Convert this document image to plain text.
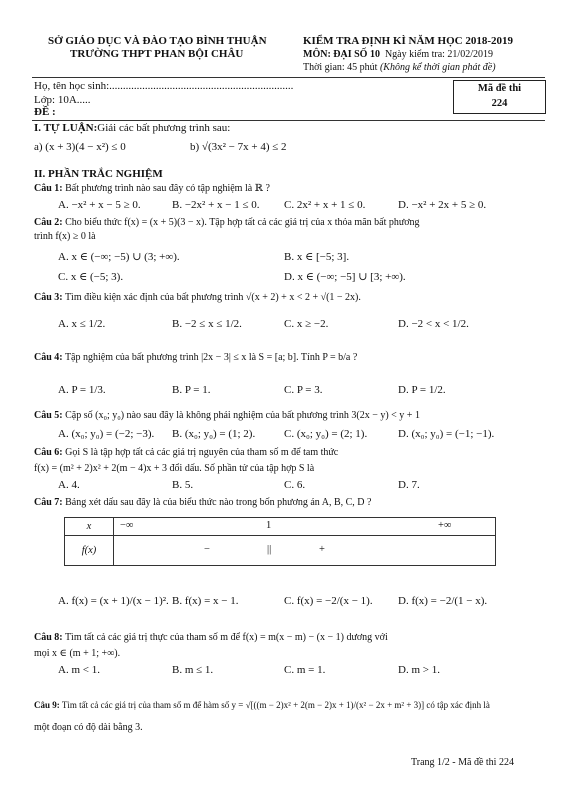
SỞ GIÁO DỤC VÀ ĐÀO TẠO BÌNH THUẬN
TRƯỜNG THPT PHAN BỘI CHÂU
KIỂM TRA ĐỊNH KÌ NĂM HỌC 2018-2019
MÔN: ĐẠI SỐ 10 Ngày kiểm tra: 21/02/2019
Thời gian: 45 phút (Không kể thời gian phát đề)
Mã đề thi
224
Họ, tên học sinh:...................................................................
Lớp: 10A.....
ĐỀ :
I. TỰ LUẬN:Giải các bất phương trình sau:
a) (x + 3)(4 − x²) ≤ 0	b) √(3x² − 7x + 4) ≤ 2
II. PHẦN TRẮC NGHIỆM
Câu 1: Bất phương trình nào sau đây có tập nghiệm là ℝ ?
A. −x² + x − 5 ≥ 0.	B. −2x² + x − 1 ≤ 0. C. 2x² + x + 1 ≤ 0.	D. −x² + 2x + 5 ≥ 0.
Câu 2: Cho biểu thức f(x) = (x + 5)(3 − x). Tập hợp tất cả các giá trị của x thỏa mãn bất phương
trình f(x) ≥ 0 là
A. x ∈ (−∞; −5) ∪ (3; +∞).	B. x ∈ [−5; 3].
C. x ∈ (−5; 3).	D. x ∈ (−∞; −5] ∪ [3; +∞).
Câu 3: Tìm điều kiện xác định của bất phương trình √(x + 2) + x < 2 + √(1 − 2x).
A. x ≤ 1/2.	B. −2 ≤ x ≤ 1/2.	C. x ≥ −2.	D. −2 < x < 1/2.
Câu 4: Tập nghiệm của bất phương trình |2x − 3| ≤ x là S = [a; b]. Tính P = b/a ?
A. P = 1/3.	B. P = 1.	C. P = 3.	D. P = 1/2.
Câu 5: Cặp số (x₀; y₀) nào sau đây là không phải nghiệm của bất phương trình 3(2x − y) < y + 1
A. (x₀; y₀) = (−2; −3). B. (x₀; y₀) = (1; 2).	C. (x₀; y₀) = (2; 1).	D. (x₀; y₀) = (−1; −1).
Câu 6: Gọi S là tập hợp tất cả các giá trị nguyên của tham số m để tam thức
f(x) = (m² + 2)x² + 2(m − 4)x + 3 đổi dấu. Số phần tử của tập hợp S là
A. 4.	B. 5.	C. 6.	D. 7.
Câu 7: Bảng xét dấu sau đây là của biểu thức nào trong bốn phương án A, B, C, D ?
x	−∞ 1 +∞

f(x)	− || +
A. f(x) = (x + 1)/(x − 1)². B. f(x) = x − 1.	C. f(x) = −2/(x − 1). D. f(x) = −2/(1 − x).
Câu 8: Tìm tất cả các giá trị thực của tham số m để f(x) = m(x − m) − (x − 1) dương với
mọi x ∈ (m + 1; +∞).
A. m < 1.	B. m ≤ 1.	C. m = 1.	D. m > 1.
Câu 9: Tìm tất cả các giá trị của tham số m để hàm số y = √[((m − 2)x² + 2(m − 2)x + 1)/(x² − 2x + m² + 3)] có tập xác định là
một đoạn có độ dài bằng 3.
Trang 1/2 - Mã đề thi 224
